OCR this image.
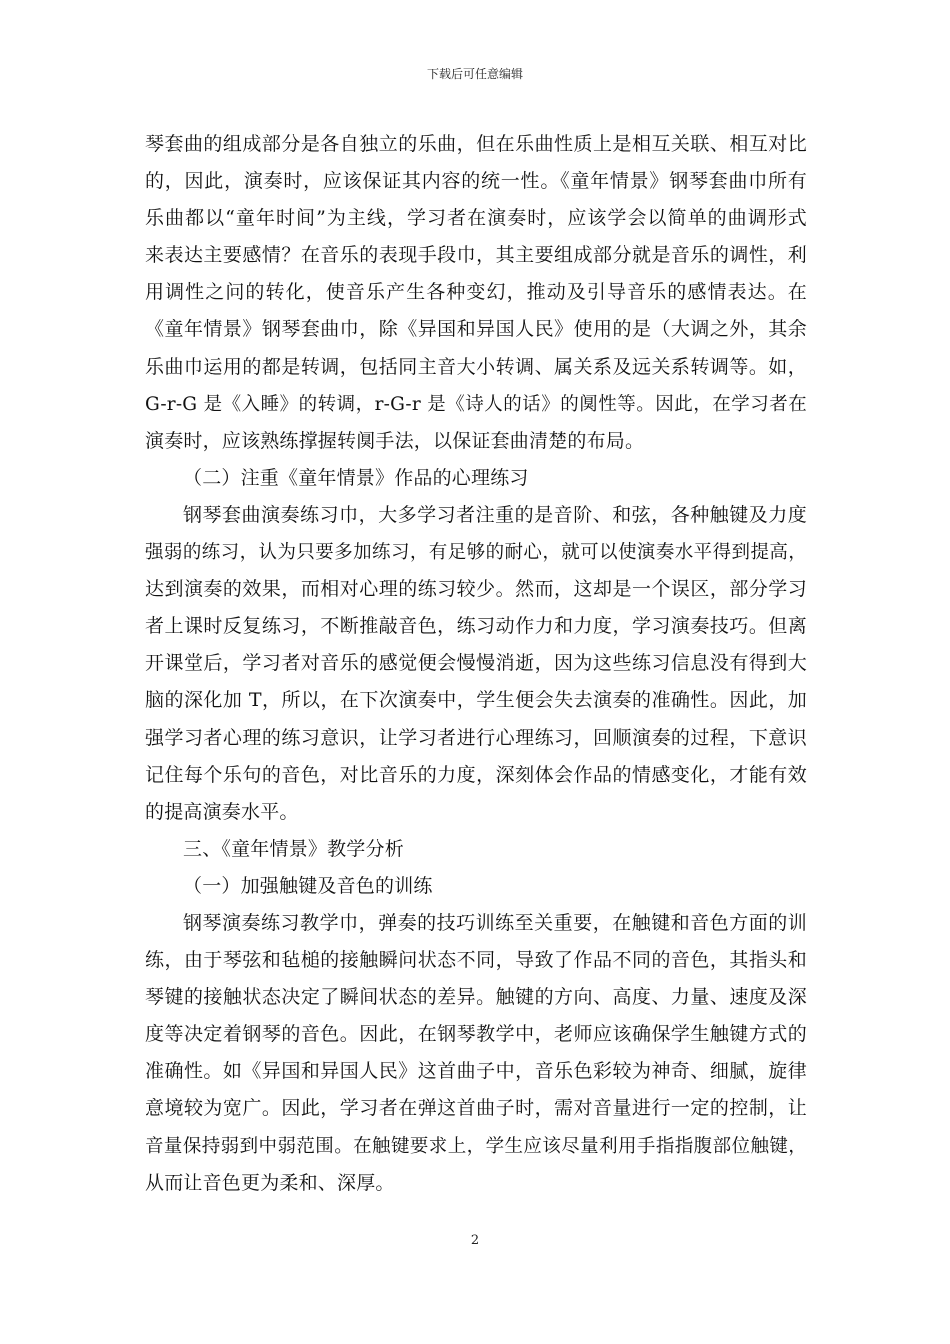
下载后可任意编辑
琴套曲的组成部分是各自独立的乐曲，但在乐曲性质上是相互关联、相互对比
的，因此，演奏时，应该保证其内容的统一性。《童年情景》钢琴套曲巾所有
乐曲都以“童年时间”为主线，学习者在演奏时，应该学会以简单的曲调形式
来表达主要感情？在音乐的表现手段巾，其主要组成部分就是音乐的调性，利
用调性之问的转化，使音乐产生各种变幻，推动及引导音乐的感情表达。在
《童年情景》钢琴套曲巾，除《异国和异国人民》使用的是（大调之外，其余
乐曲巾运用的都是转调，包括同主音大小转调、属关系及远关系转调等。如，
G-r-G 是《入睡》的转调，r-G-r 是《诗人的话》的阒性等。因此，在学习者在
演奏时，应该熟练撑握转阒手法，以保证套曲清楚的布局。
（二）注重《童年情景》作品的心理练习
钢琴套曲演奏练习巾，大多学习者注重的是音阶、和弦，各种触键及力度
强弱的练习，认为只要多加练习，有足够的耐心，就可以使演奏水平得到提高，
达到演奏的效果，而相对心理的练习较少。然而，这却是一个误区，部分学习
者上课时反复练习，不断推敲音色，练习动作力和力度，学习演奏技巧。但离
开课堂后，学习者对音乐的感觉便会慢慢消逝，因为这些练习信息没有得到大
脑的深化加 T，所以，在下次演奏中，学生便会失去演奏的准确性。因此，加
强学习者心理的练习意识，让学习者进行心理练习，回顺演奏的过程，下意识
记住每个乐句的音色，对比音乐的力度，深刻体会作品的情感变化，才能有效
的提高演奏水平。
三、《童年情景》教学分析
（一）加强触键及音色的训练
钢琴演奏练习教学巾，弹奏的技巧训练至关重要，在触键和音色方面的训
练，由于琴弦和毡槌的接触瞬问状态不同，导致了作品不同的音色，其指头和
琴键的接触状态决定了瞬间状态的差异。触键的方向、高度、力量、速度及深
度等决定着钢琴的音色。因此，在钢琴教学中，老师应该确保学生触键方式的
准确性。如《异国和异国人民》这首曲子中，音乐色彩较为神奇、细腻，旋律
意境较为宽广。因此，学习者在弹这首曲子时，需对音量进行一定的控制，让
音量保持弱到中弱范围。在触键要求上，学生应该尽量利用手指指腹部位触键，
从而让音色更为柔和、深厚。
2
